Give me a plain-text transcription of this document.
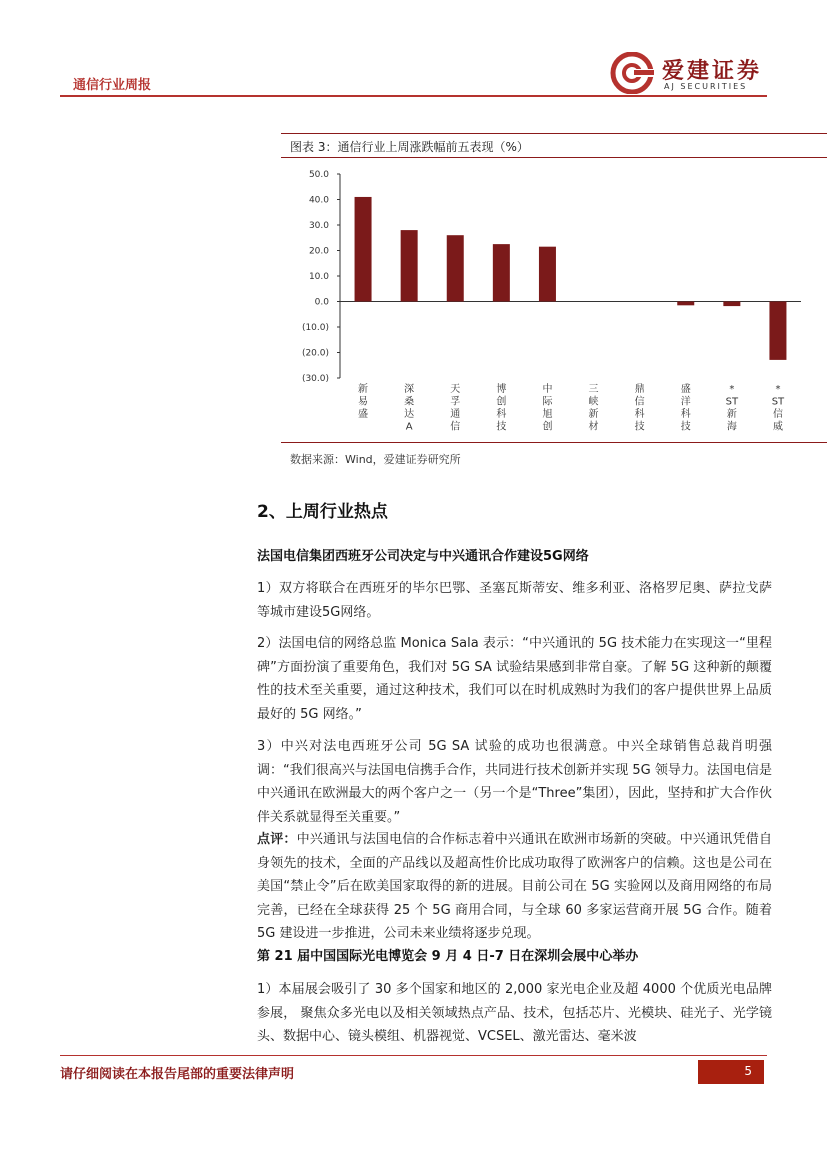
通信行业周报
爱建证券
AJ SECURITIES
图表 3：通信行业上周涨跌幅前五表现（%）
50.0
40.0
30.0
20.0
10.0
0.0
(10.0)
(20.0)
(30.0)
新易盛
深桑达 A
天孚通信
博创科技
中际旭创
三峡新材
鼎信科技
盛洋科技
* ST 新海
* ST 信威
数据来源：Wind，爱建证券研究所
2、上周行业热点
法国电信集团西班牙公司决定与中兴通讯合作建设5G网络
1）双方将联合在西班牙的毕尔巴鄂、圣塞瓦斯蒂安、维多利亚、洛格罗尼奥、萨拉戈萨等城市建设5G网络。
2）法国电信的网络总监 Monica Sala 表示：“中兴通讯的 5G 技术能力在实现这一“里程碑”方面扮演了重要角色，我们对 5G SA 试验结果感到非常自豪。了解 5G 这种新的颠覆性的技术至关重要，通过这种技术，我们可以在时机成熟时为我们的客户提供世界上品质最好的 5G 网络。”
3）中兴对法电西班牙公司 5G SA 试验的成功也很满意。中兴全球销售总裁肖明强调：“我们很高兴与法国电信携手合作，共同进行技术创新并实现 5G 领导力。法国电信是中兴通讯在欧洲最大的两个客户之一（另一个是“Three”集团），因此，坚持和扩大合作伙伴关系就显得至关重要。”
点评：中兴通讯与法国电信的合作标志着中兴通讯在欧洲市场新的突破。中兴通讯凭借自身领先的技术，全面的产品线以及超高性价比成功取得了欧洲客户的信赖。这也是公司在美国“禁止令”后在欧美国家取得的新的进展。目前公司在 5G 实验网以及商用网络的布局完善，已经在全球获得 25 个 5G 商用合同，与全球 60 多家运营商开展 5G 合作。随着 5G 建设进一步推进，公司未来业绩将逐步兑现。
第 21 届中国国际光电博览会 9 月 4 日-7 日在深圳会展中心举办
1）本届展会吸引了 30 多个国家和地区的 2,000 家光电企业及超 4000 个优质光电品牌参展， 聚焦众多光电以及相关领域热点产品、技术，包括芯片、光模块、硅光子、光学镜头、数据中心、镜头模组、机器视觉、VCSEL、激光雷达、毫米波
请仔细阅读在本报告尾部的重要法律声明	5
